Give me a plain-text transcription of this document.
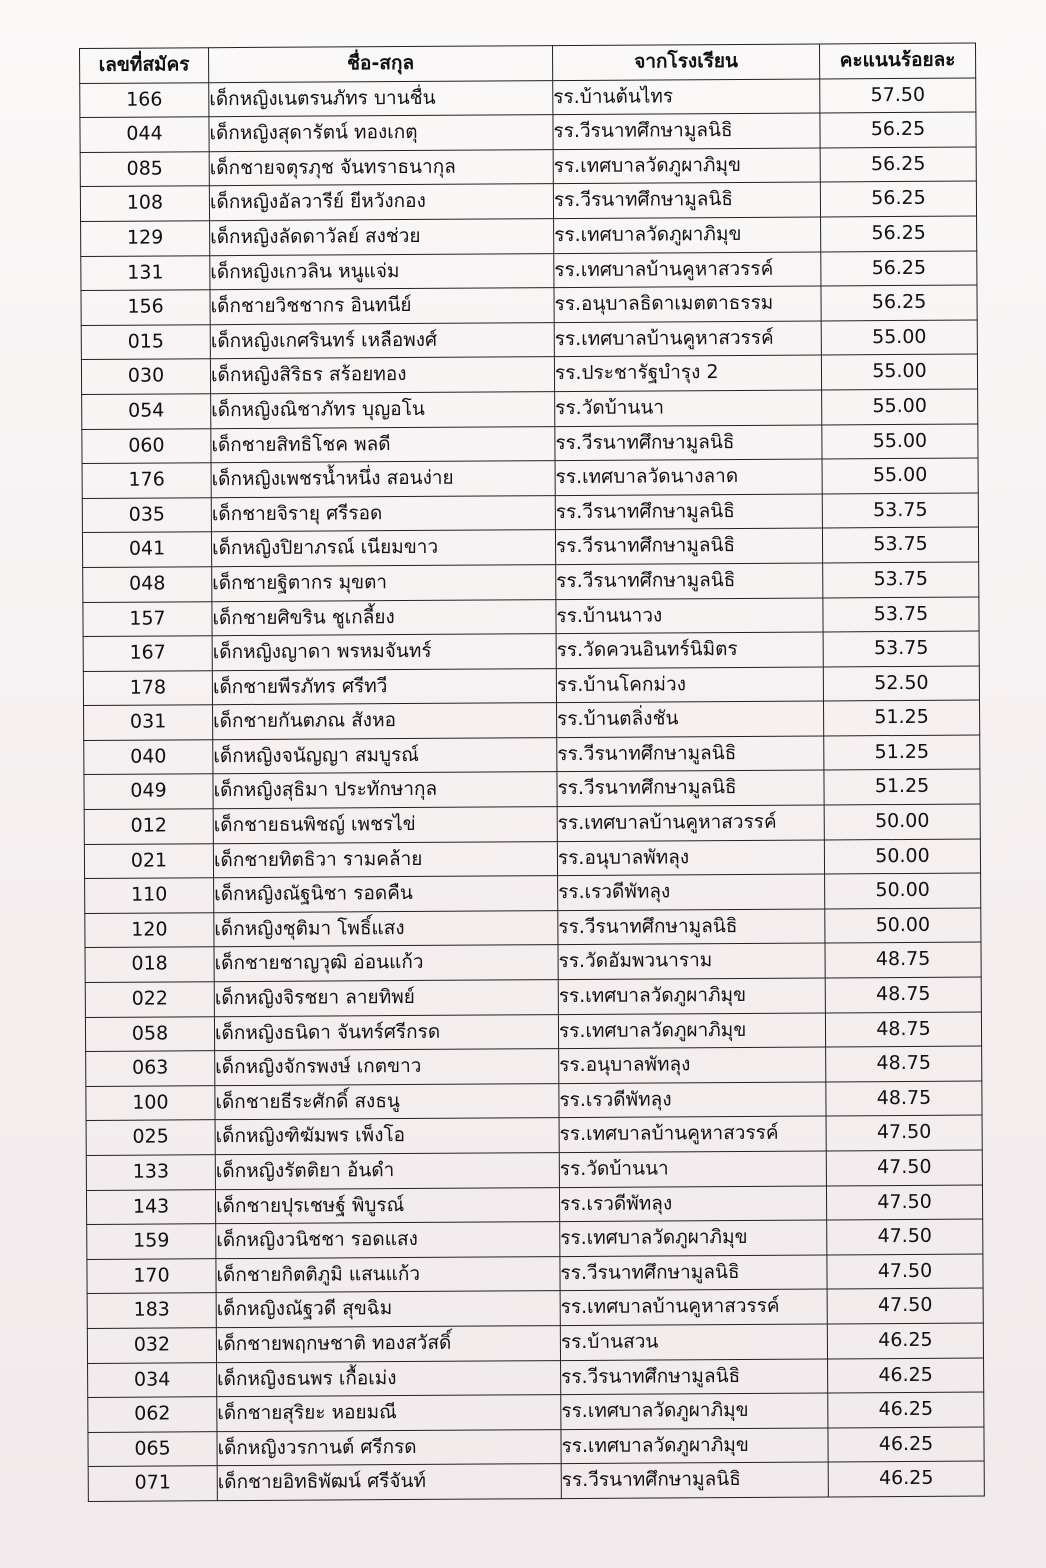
เลขที่สมัคร	ชื่อ-สกุล	จากโรงเรียน	คะแนนร้อยละ
166	เด็กหญิงเนตรนภัทร บานชื่น	รร.บ้านต้นไทร	57.50
044	เด็กหญิงสุดารัตน์ ทองเกตุ	รร.วีรนาทศึกษามูลนิธิ	56.25
085	เด็กชายจตุรภุช จันทราธนากุล	รร.เทศบาลวัดภูผาภิมุข	56.25
108	เด็กหญิงอัลวารีย์ ยีหวังกอง	รร.วีรนาทศึกษามูลนิธิ	56.25
129	เด็กหญิงลัดดาวัลย์ สงช่วย	รร.เทศบาลวัดภูผาภิมุข	56.25
131	เด็กหญิงเกวลิน หนูแจ่ม	รร.เทศบาลบ้านคูหาสวรรค์	56.25
156	เด็กชายวิชชากร อินทนีย์	รร.อนุบาลธิดาเมตตาธรรม	56.25
015	เด็กหญิงเกศรินทร์ เหลือพงศ์	รร.เทศบาลบ้านคูหาสวรรค์	55.00
030	เด็กหญิงสิริธร สร้อยทอง	รร.ประชารัฐบำรุง 2	55.00
054	เด็กหญิงณิชาภัทร บุญอโน	รร.วัดบ้านนา	55.00
060	เด็กชายสิทธิโชค พลดี	รร.วีรนาทศึกษามูลนิธิ	55.00
176	เด็กหญิงเพชรน้ำหนึ่ง สอนง่าย	รร.เทศบาลวัดนางลาด	55.00
035	เด็กชายจิรายุ ศรีรอด	รร.วีรนาทศึกษามูลนิธิ	53.75
041	เด็กหญิงปิยาภรณ์ เนียมขาว	รร.วีรนาทศึกษามูลนิธิ	53.75
048	เด็กชายฐิตากร มุขตา	รร.วีรนาทศึกษามูลนิธิ	53.75
157	เด็กชายศิขริน ชูเกลี้ยง	รร.บ้านนาวง	53.75
167	เด็กหญิงญาดา พรหมจันทร์	รร.วัดควนอินทร์นิมิตร	53.75
178	เด็กชายพีรภัทร ศรีทวี	รร.บ้านโคกม่วง	52.50
031	เด็กชายกันตภณ สังหอ	รร.บ้านตลิ่งชัน	51.25
040	เด็กหญิงจนัญญา สมบูรณ์	รร.วีรนาทศึกษามูลนิธิ	51.25
049	เด็กหญิงสุธิมา ประทักษากุล	รร.วีรนาทศึกษามูลนิธิ	51.25
012	เด็กชายธนพิชญ์ เพชรไข่	รร.เทศบาลบ้านคูหาสวรรค์	50.00
021	เด็กชายทิตธิวา รามคล้าย	รร.อนุบาลพัทลุง	50.00
110	เด็กหญิงณัฐนิชา รอดคืน	รร.เรวดีพัทลุง	50.00
120	เด็กหญิงชุติมา โพธิ์แสง	รร.วีรนาทศึกษามูลนิธิ	50.00
018	เด็กชายชาญวุฒิ อ่อนแก้ว	รร.วัดอัมพวนาราม	48.75
022	เด็กหญิงจิรชยา ลายทิพย์	รร.เทศบาลวัดภูผาภิมุข	48.75
058	เด็กหญิงธนิดา จันทร์ศรีกรด	รร.เทศบาลวัดภูผาภิมุข	48.75
063	เด็กหญิงจักรพงษ์ เกตขาว	รร.อนุบาลพัทลุง	48.75
100	เด็กชายธีระศักดิ์ สงธนู	รร.เรวดีพัทลุง	48.75
025	เด็กหญิงฑิฆัมพร เพ็งโอ	รร.เทศบาลบ้านคูหาสวรรค์	47.50
133	เด็กหญิงรัตติยา อ้นดำ	รร.วัดบ้านนา	47.50
143	เด็กชายปุรเชษฐ์ พิบูรณ์	รร.เรวดีพัทลุง	47.50
159	เด็กหญิงวนิชชา รอดแสง	รร.เทศบาลวัดภูผาภิมุข	47.50
170	เด็กชายกิตติภูมิ แสนแก้ว	รร.วีรนาทศึกษามูลนิธิ	47.50
183	เด็กหญิงณัฐวดี สุขฉิม	รร.เทศบาลบ้านคูหาสวรรค์	47.50
032	เด็กชายพฤกษชาติ ทองสวัสดิ์	รร.บ้านสวน	46.25
034	เด็กหญิงธนพร เกื้อเม่ง	รร.วีรนาทศึกษามูลนิธิ	46.25
062	เด็กชายสุริยะ หอยมณี	รร.เทศบาลวัดภูผาภิมุข	46.25
065	เด็กหญิงวรกานต์ ศรีกรด	รร.เทศบาลวัดภูผาภิมุข	46.25
071	เด็กชายอิทธิพัฒน์ ศรีจันท์	รร.วีรนาทศึกษามูลนิธิ	46.25
